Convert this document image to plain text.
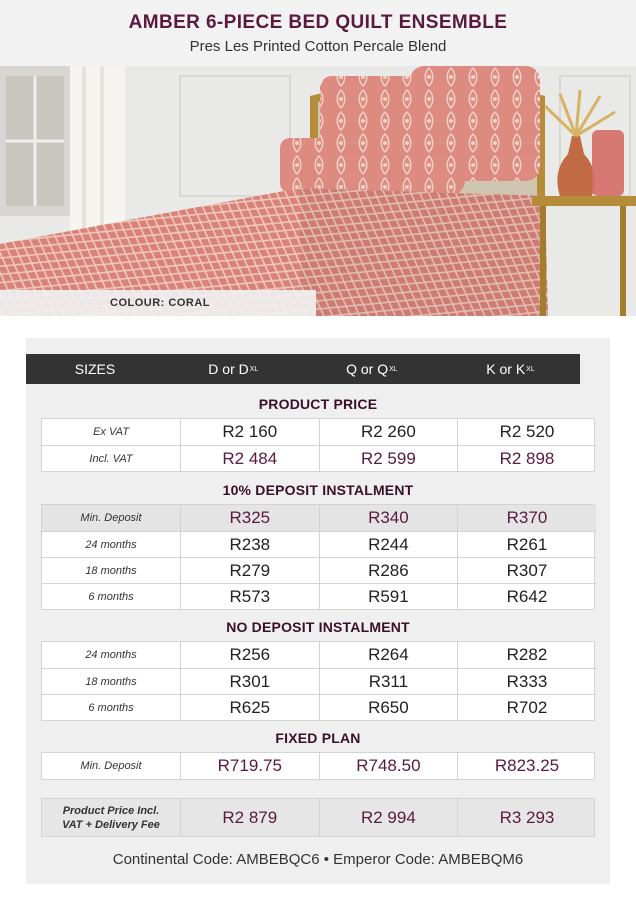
AMBER 6-PIECE BED QUILT ENSEMBLE
Pres Les Printed Cotton Percale Blend
COLOUR: CORAL
SIZES	D or D XL	Q or Q XL	K or K XL
PRODUCT PRICE
Ex VAT	R2 160	R2 260	R2 520
Incl. VAT	R2 484	R2 599	R2 898
10% DEPOSIT INSTALMENT
Min. Deposit	R325	R340	R370
24 months	R238	R244	R261
18 months	R279	R286	R307
6 months	R573	R591	R642
NO DEPOSIT INSTALMENT
24 months	R256	R264	R282
18 months	R301	R311	R333
6 months	R625	R650	R702
FIXED PLAN
Min. Deposit	R719.75	R748.50	R823.25
Product Price Incl.
VAT + Delivery Fee	R2 879	R2 994	R3 293
Continental Code: AMBEBQC6 • Emperor Code: AMBEBQM6
